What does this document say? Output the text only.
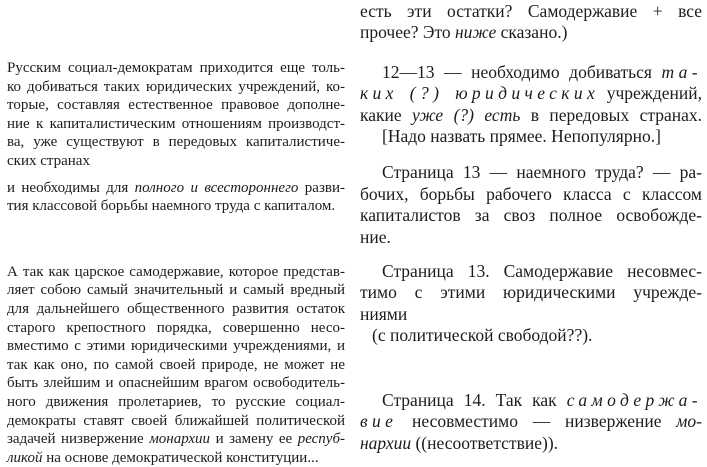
Русским социал-демократам приходится еще толь-
ко добиваться таких юридических учреждений, ко-
торые, составляя естественное правовое дополне-
ние к капиталистическим отношениям производст-
ва, уже существуют в передовых капиталистиче-
ских странах
и необходимы для полного и всестороннего разви-
тия классовой борьбы наемного труда с капиталом.
А так как царское самодержавие, которое представ-
ляет собою самый значительный и самый вредный
для дальнейшего общественного развития остаток
старого крепостного порядка, совершенно несо-
вместимо с этими юридическими учреждениями, и
так как оно, по самой своей природе, не может не
быть злейшим и опаснейшим врагом освободитель-
ного движения пролетариев, то русские социал-
демократы ставят своей ближайшей политической
задачей низвержение монархии и замену ее респуб-
ликой на основе демократической конституции...
есть эти остатки? Самодержавие + все
прочее? Это ниже сказано.)
12—13 — необходимо добиваться та-
ких (?) юридических учреждений,
какие уже (?) есть в передовых странах.
[Надо назвать прямее. Непопулярно.]
Страница 13 — наемного труда? — ра-
бочих, борьбы рабочего класса с классом
капиталистов за своз полное освобожде-
ние.
Страница 13. Самодержавие несовмес-
тимо с этими юридическими учрежде-
ниями
(с политической свободой??).
Страница 14. Так как самодержа-
вие несовместимо — низвержение мо-
нархии ((несоответствие)).
